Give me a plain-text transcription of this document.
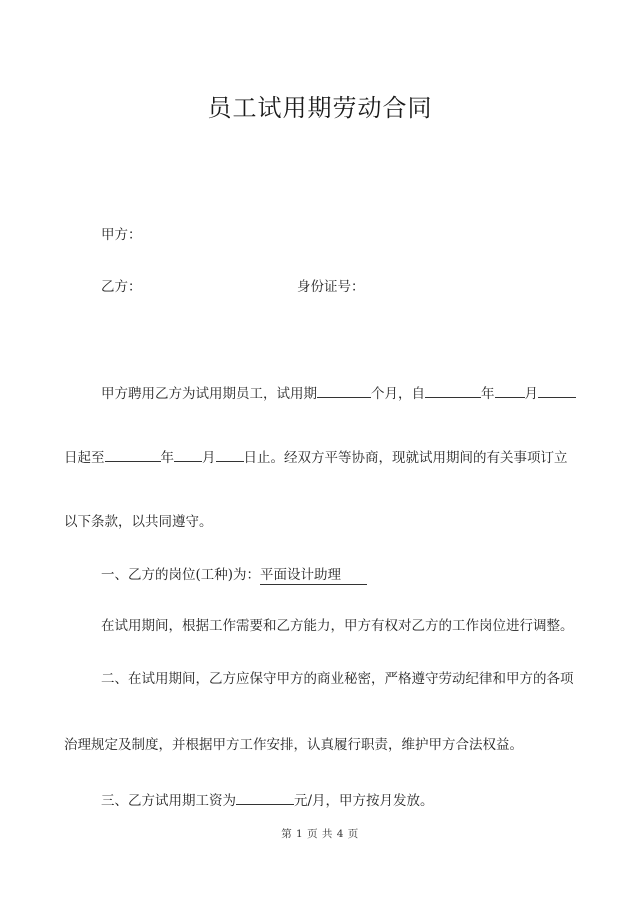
员工试用期劳动合同
甲方：
乙方：	身份证号：
甲方聘用乙方为试用期员工，试用期	个月，自	年 月
日起至	年 月 日止。经双方平等协商，现就试用期间的有关事项订立
以下条款，以共同遵守。
一、乙方的岗位(工种)为：平面设计助理
在试用期间，根据工作需要和乙方能力，甲方有权对乙方的工作岗位进行调整。
二、在试用期间，乙方应保守甲方的商业秘密，严格遵守劳动纪律和甲方的各项
治理规定及制度，并根据甲方工作安排，认真履行职责，维护甲方合法权益。
三、乙方试用期工资为	元/月，甲方按月发放。
第 1 页 共 4 页
